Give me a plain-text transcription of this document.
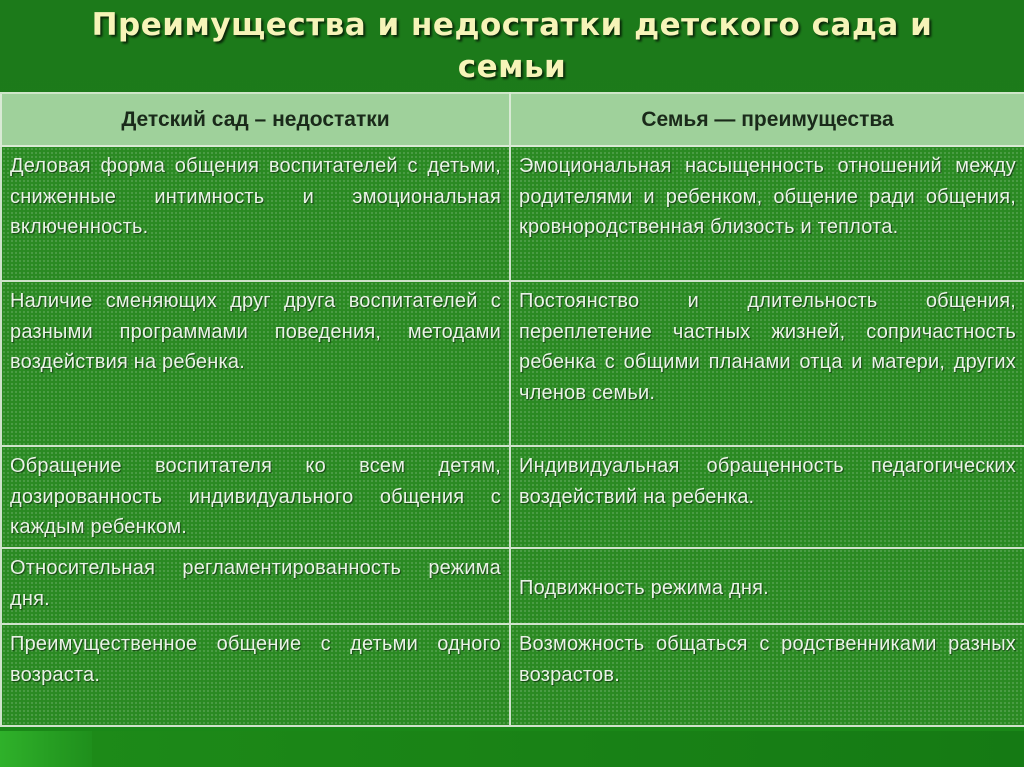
Преимущества и недостатки детского сада и семьи
Детский сад – недостатки	Семья — преимущества
Деловая форма общения воспитателей с детьми, сниженные интимность и эмоциональная включенность.	Эмоциональная насыщенность отношений между родителями и ребенком, общение ради общения, кровнородственная близость и теплота.
Наличие сменяющих друг друга воспитателей с разными программами поведения, методами воздействия на ребенка.	Постоянство и длительность общения, переплетение частных жизней, сопричастность ребенка с общими планами отца и матери, других членов семьи.
Обращение воспитателя ко всем детям, дозированность индивидуального общения с каждым ребенком.	Индивидуальная обращенность педагогических воздействий на ребенка.
Относительная регламентированность режима дня.	Подвижность режима дня.
Преимущественное общение с детьми одного возраста.	Возможность общаться с родственниками разных возрастов.
